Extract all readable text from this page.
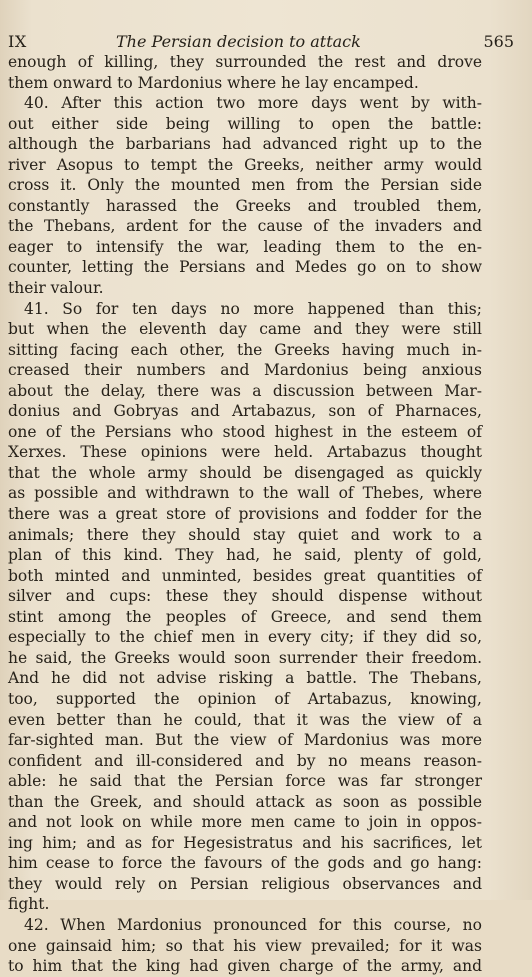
IX	The Persian decision to attack	565
enough of killing, they surrounded the rest and drove
them onward to Mardonius where he lay encamped.
40. After this action two more days went by with-
out either side being willing to open the battle:
although the barbarians had advanced right up to the
river Asopus to tempt the Greeks, neither army would
cross it. Only the mounted men from the Persian side
constantly harassed the Greeks and troubled them,
the Thebans, ardent for the cause of the invaders and
eager to intensify the war, leading them to the en-
counter, letting the Persians and Medes go on to show
their valour.
41. So for ten days no more happened than this;
but when the eleventh day came and they were still
sitting facing each other, the Greeks having much in-
creased their numbers and Mardonius being anxious
about the delay, there was a discussion between Mar-
donius and Gobryas and Artabazus, son of Pharnaces,
one of the Persians who stood highest in the esteem of
Xerxes. These opinions were held. Artabazus thought
that the whole army should be disengaged as quickly
as possible and withdrawn to the wall of Thebes, where
there was a great store of provisions and fodder for the
animals; there they should stay quiet and work to a
plan of this kind. They had, he said, plenty of gold,
both minted and unminted, besides great quantities of
silver and cups: these they should dispense without
stint among the peoples of Greece, and send them
especially to the chief men in every city; if they did so,
he said, the Greeks would soon surrender their freedom.
And he did not advise risking a battle. The Thebans,
too, supported the opinion of Artabazus, knowing,
even better than he could, that it was the view of a
far-sighted man. But the view of Mardonius was more
confident and ill-considered and by no means reason-
able: he said that the Persian force was far stronger
than the Greek, and should attack as soon as possible
and not look on while more men came to join in oppos-
ing him; and as for Hegesistratus and his sacrifices, let
him cease to force the favours of the gods and go hang:
they would rely on Persian religious observances and
fight.
42. When Mardonius pronounced for this course, no
one gainsaid him; so that his view prevailed; for it was
to him that the king had given charge of the army, and
